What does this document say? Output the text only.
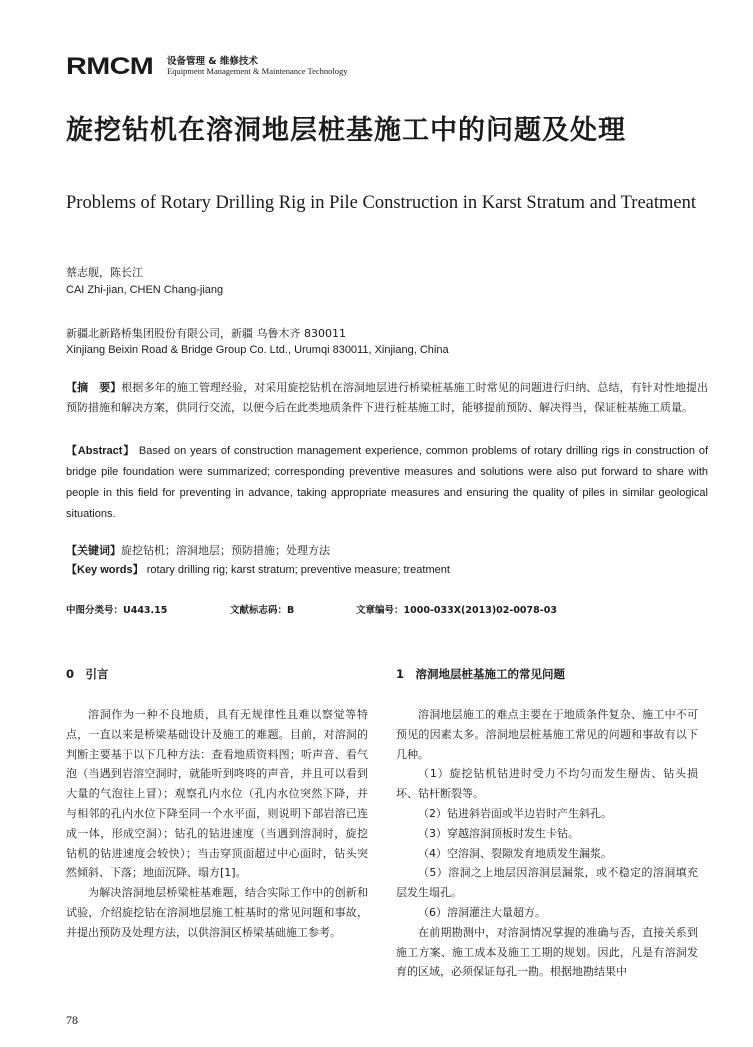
RMCM 设备管理 & 维修技术
Equipment Management & Maintenance Technology
旋挖钻机在溶洞地层桩基施工中的问题及处理
Problems of Rotary Drilling Rig in Pile Construction in Karst Stratum and Treatment
蔡志舰，陈长江
CAI Zhi-jian, CHEN Chang-jiang
新疆北新路桥集团股份有限公司，新疆 乌鲁木齐 830011
Xinjiang Beixin Road & Bridge Group Co. Ltd., Urumqi 830011, Xinjiang, China
【摘　要】根据多年的施工管理经验，对采用旋挖钻机在溶洞地层进行桥梁桩基施工时常见的问题进行归纳、总结，有针对性地提出预防措施和解决方案，供同行交流，以便今后在此类地质条件下进行桩基施工时，能够提前预防、解决得当，保证桩基施工质量。
【Abstract】 Based on years of construction management experience, common problems of rotary drilling rigs in construction of bridge pile foundation were summarized; corresponding preventive measures and solutions were also put forward to share with people in this field for preventing in advance, taking appropriate measures and ensuring the quality of piles in similar geological situations.
【关键词】旋挖钻机；溶洞地层；预防措施；处理方法
【Key words】 rotary drilling rig; karst stratum; preventive measure; treatment
中图分类号：U443.15	文献标志码：B	文章编号：1000-033X(2013)02-0078-03
0　引言

溶洞作为一种不良地质，具有无规律性且难以察觉等特点，一直以来是桥梁基础设计及施工的难题。目前，对溶洞的判断主要基于以下几种方法：查看地质资料图；听声音、看气泡（当遇到岩溶空洞时，就能听到咚咚的声音，并且可以看到大量的气泡往上冒）；观察孔内水位（孔内水位突然下降，并与相邻的孔内水位下降至同一个水平面，则说明下部岩溶已连成一体，形成空洞）；钻孔的钻进速度（当遇到溶洞时，旋挖钻机的钻进速度会较快）；当击穿顶面超过中心面时，钻头突然倾斜、下落；地面沉降、塌方[1]。

为解决溶洞地层桥梁桩基难题，结合实际工作中的创新和试验，介绍旋挖钻在溶洞地层施工桩基时的常见问题和事故，并提出预防及处理方法，以供溶洞区桥梁基础施工参考。

1　溶洞地层桩基施工的常见问题

溶洞地层施工的难点主要在于地质条件复杂、施工中不可预见的因素太多。溶洞地层桩基施工常见的问题和事故有以下几种。

（1）旋挖钻机钻进时受力不均匀而发生掰齿、钻头损坏、钻杆断裂等。

（2）钻进斜岩面或半边岩时产生斜孔。

（3）穿越溶洞顶板时发生卡钻。

（4）空溶洞、裂隙发育地质发生漏浆。

（5）溶洞之上地层因溶洞层漏浆，或不稳定的溶洞填充层发生塌孔。

（6）溶洞灌注大量超方。

在前期勘测中，对溶洞情况掌握的准确与否，直接关系到施工方案、施工成本及施工工期的规划。因此，凡是有溶洞发育的区域，必须保证每孔一勘。根据地勘结果中

78
